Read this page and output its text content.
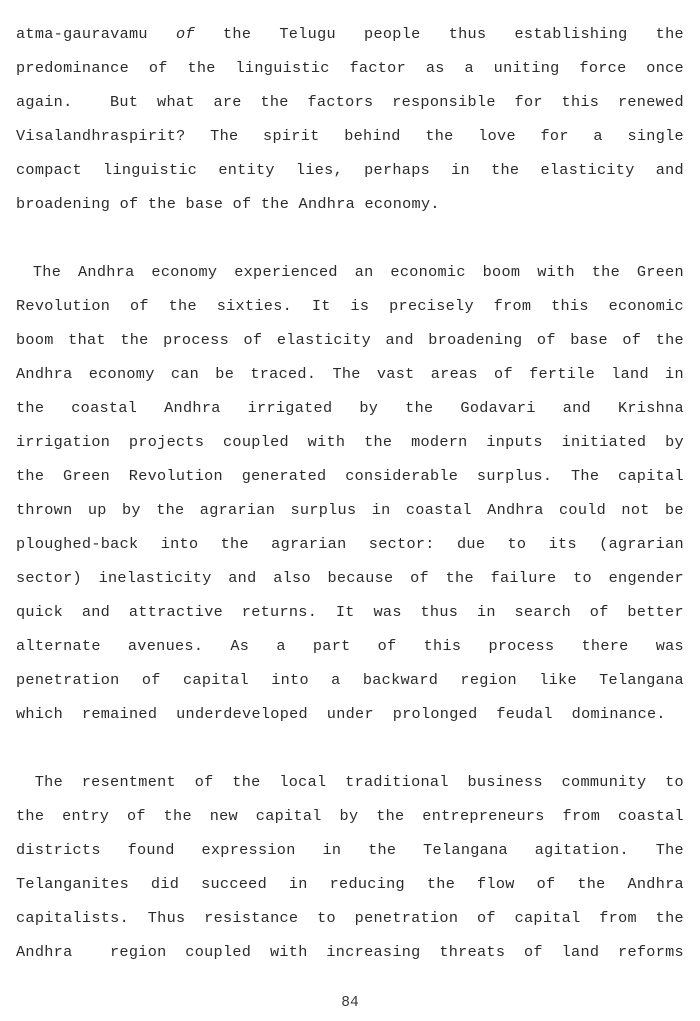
atma-gauravamu of the Telugu people thus establishing the
predominance of the linguistic factor as a uniting force once
again. But what are the factors responsible for this renewed
Visalandhraspirit? The spirit behind the love for a single
compact linguistic entity lies, perhaps in the elasticity and
broadening of the base of the Andhra economy.
The Andhra economy experienced an economic boom with the Green
Revolution of the sixties. It is precisely from this economic
boom that the process of elasticity and broadening of base of the
Andhra economy can be traced. The vast areas of fertile land in
the coastal Andhra irrigated by the Godavari and Krishna
irrigation projects coupled with the modern inputs initiated by
the Green Revolution generated considerable surplus. The capital
thrown up by the agrarian surplus in coastal Andhra could not be
ploughed-back into the agrarian sector: due to its (agrarian
sector) inelasticity and also because of the failure to engender
quick and attractive returns. It was thus in search of better
alternate avenues. As a part of this process there was
penetration of capital into a backward region like Telangana
which  remained  underdeveloped  under  prolonged  feudal  dominance.
The resentment of the local traditional business community to
the entry of the new capital by the entrepreneurs from coastal
districts found expression in the Telangana agitation. The
Telanganites did succeed in reducing the flow of the Andhra
capitalists. Thus resistance to penetration of capital from the
Andhra region coupled with increasing threats of land reforms
84
